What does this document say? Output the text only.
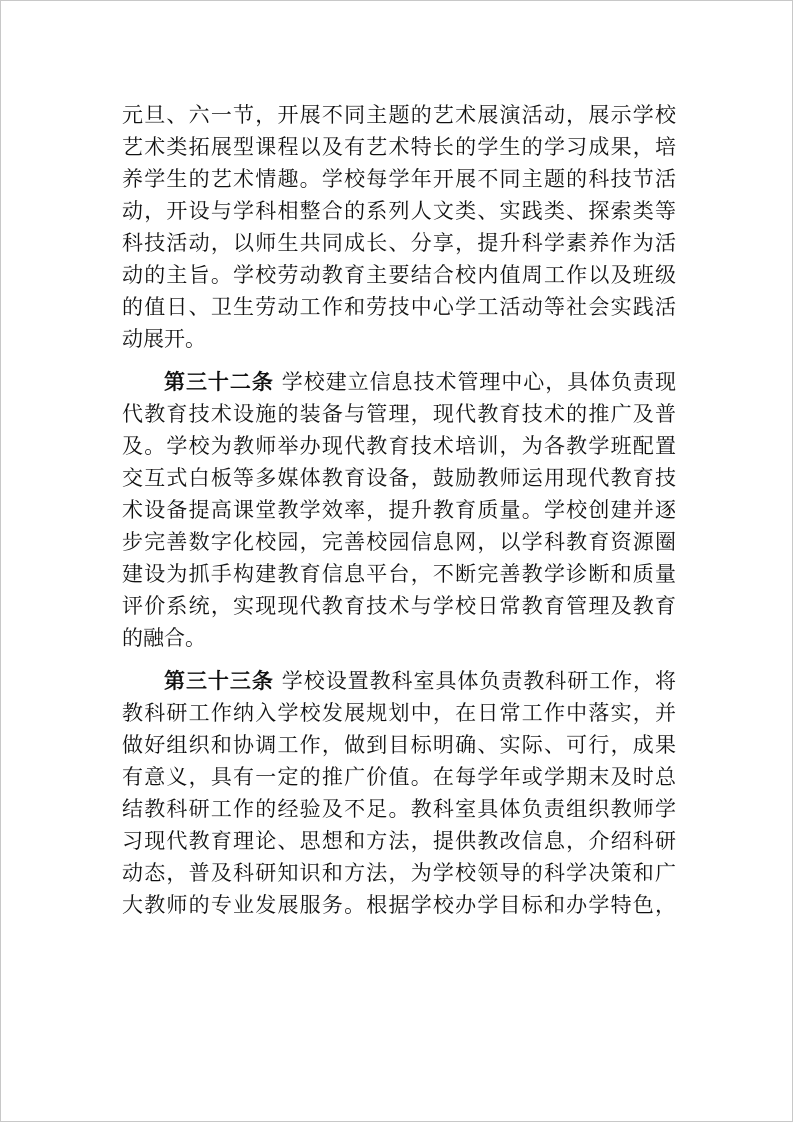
元旦、六一节，开展不同主题的艺术展演活动，展示学校
艺术类拓展型课程以及有艺术特长的学生的学习成果，培
养学生的艺术情趣。学校每学年开展不同主题的科技节活
动，开设与学科相整合的系列人文类、实践类、探索类等
科技活动，以师生共同成长、分享，提升科学素养作为活
动的主旨。学校劳动教育主要结合校内值周工作以及班级
的值日、卫生劳动工作和劳技中心学工活动等社会实践活
动展开。
第三十二条 学校建立信息技术管理中心，具体负责现
代教育技术设施的装备与管理，现代教育技术的推广及普
及。学校为教师举办现代教育技术培训，为各教学班配置
交互式白板等多媒体教育设备，鼓励教师运用现代教育技
术设备提高课堂教学效率，提升教育质量。学校创建并逐
步完善数字化校园，完善校园信息网，以学科教育资源圈
建设为抓手构建教育信息平台，不断完善教学诊断和质量
评价系统，实现现代教育技术与学校日常教育管理及教育
的融合。
第三十三条 学校设置教科室具体负责教科研工作，将
教科研工作纳入学校发展规划中，在日常工作中落实，并
做好组织和协调工作，做到目标明确、实际、可行，成果
有意义，具有一定的推广价值。在每学年或学期末及时总
结教科研工作的经验及不足。教科室具体负责组织教师学
习现代教育理论、思想和方法，提供教改信息，介绍科研
动态，普及科研知识和方法，为学校领导的科学决策和广
大教师的专业发展服务。根据学校办学目标和办学特色，
